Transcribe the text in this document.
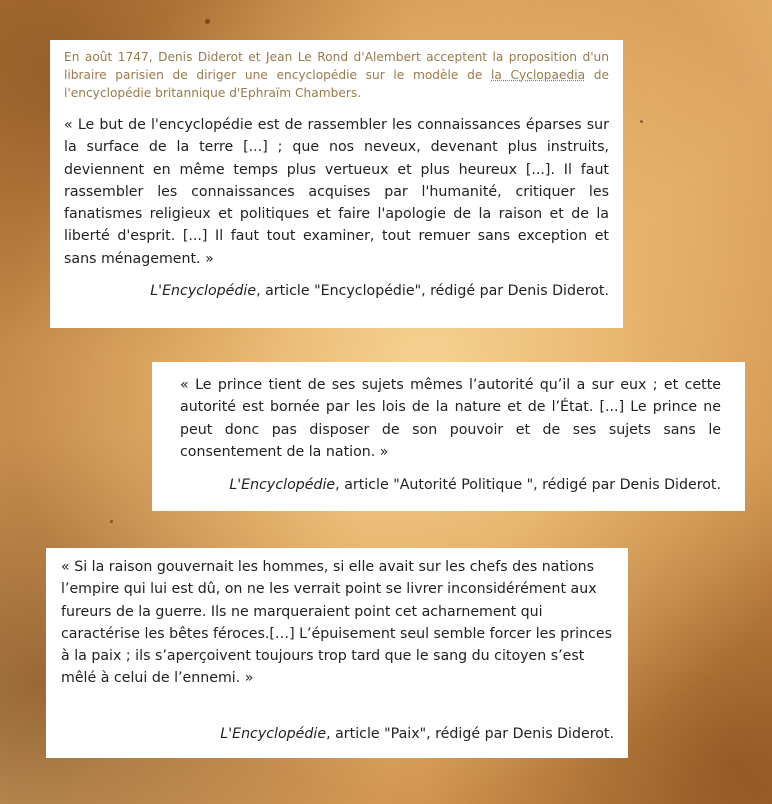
En août 1747, Denis Diderot et Jean Le Rond d'Alembert acceptent la proposition d'un libraire parisien de diriger une encyclopédie sur le modèle de la Cyclopaedia de l'encyclopédie britannique d'Ephraïm Chambers.

« Le but de l'encyclopédie est de rassembler les connaissances éparses sur la surface de la terre [...] ; que nos neveux, devenant plus instruits, deviennent en même temps plus vertueux et plus heureux [...]. Il faut rassembler les connaissances acquises par l'humanité, critiquer les fanatismes religieux et politiques et faire l'apologie de la raison et de la liberté d'esprit. [...] Il faut tout examiner, tout remuer sans exception et sans ménagement. »

L'Encyclopédie, article "Encyclopédie", rédigé par Denis Diderot.

« Le prince tient de ses sujets mêmes l’autorité qu’il a sur eux ; et cette autorité est bornée par les lois de la nature et de l’État. [...] Le prince ne peut donc pas disposer de son pouvoir et de ses sujets sans le consentement de la nation. »

L'Encyclopédie, article "Autorité Politique ", rédigé par Denis Diderot.

« Si la raison gouvernait les hommes, si elle avait sur les chefs des nations l’empire qui lui est dû, on ne les verrait point se livrer inconsidérément aux fureurs de la guerre. Ils ne marqueraient point cet acharnement qui caractérise les bêtes féroces.[…] L’épuisement seul semble forcer les princes à la paix ; ils s’aperçoivent toujours trop tard que le sang du citoyen s’est mêlé à celui de l’ennemi. »

L'Encyclopédie, article "Paix", rédigé par Denis Diderot.
